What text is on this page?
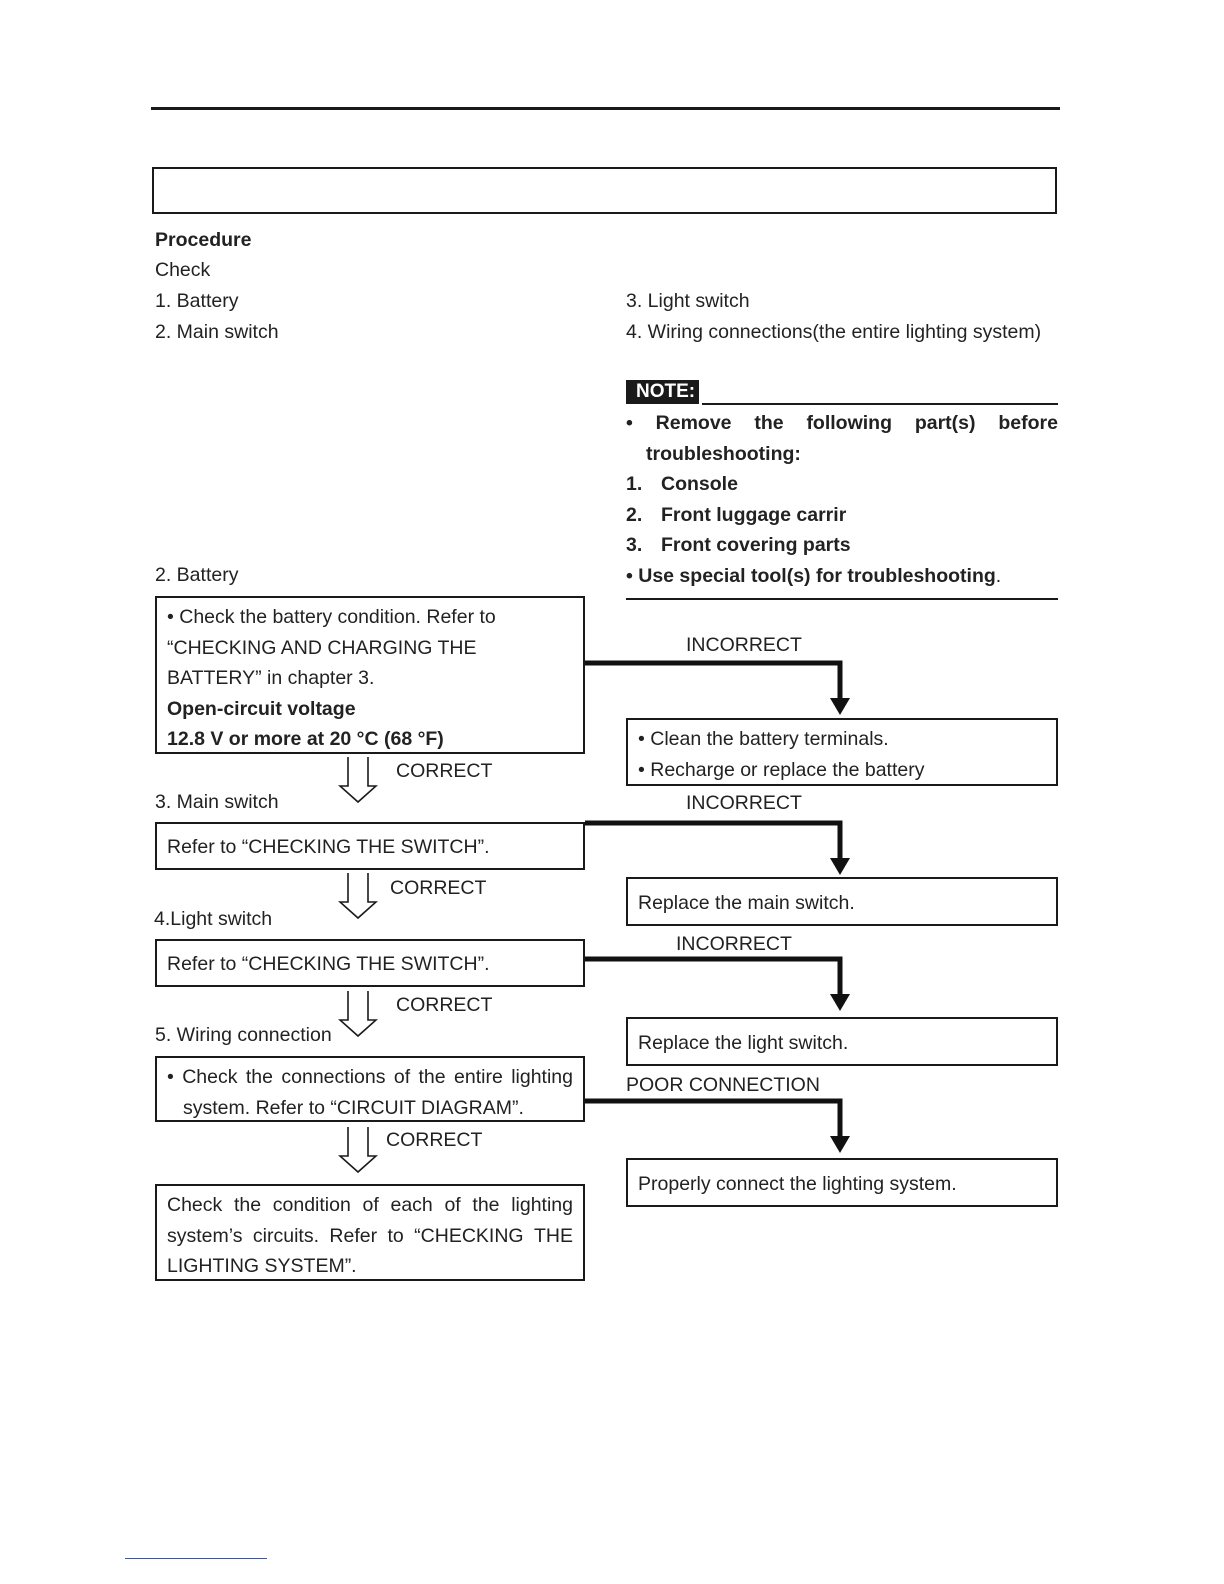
Procedure
Check
1. Battery
2. Main switch
3. Light switch
4. Wiring connections(the entire lighting system)
NOTE:
• Remove the following part(s) before
troubleshooting:
1. Console
2. Front luggage carrir
3. Front covering parts
• Use special tool(s) for troubleshooting.
2. Battery
• Check the battery condition. Refer to
“CHECKING AND CHARGING THE
BATTERY” in chapter 3.
Open-circuit voltage
12.8 V or more at 20 °C (68 °F)
INCORRECT
• Clean the battery terminals.
• Recharge or replace the battery
CORRECT
3. Main switch	INCORRECT
Refer to “CHECKING THE SWITCH”.
Replace the main switch.
CORRECT
4.Light switch
INCORRECT
Refer to “CHECKING THE SWITCH”.
CORRECT
Replace the light switch.
5. Wiring connection
• Check the connections of the entire lighting
system. Refer to “CIRCUIT DIAGRAM”.
POOR CONNECTION
CORRECT
Properly connect the lighting system.
Check the condition of each of the lighting
system’s circuits. Refer to “CHECKING THE
LIGHTING SYSTEM”.
